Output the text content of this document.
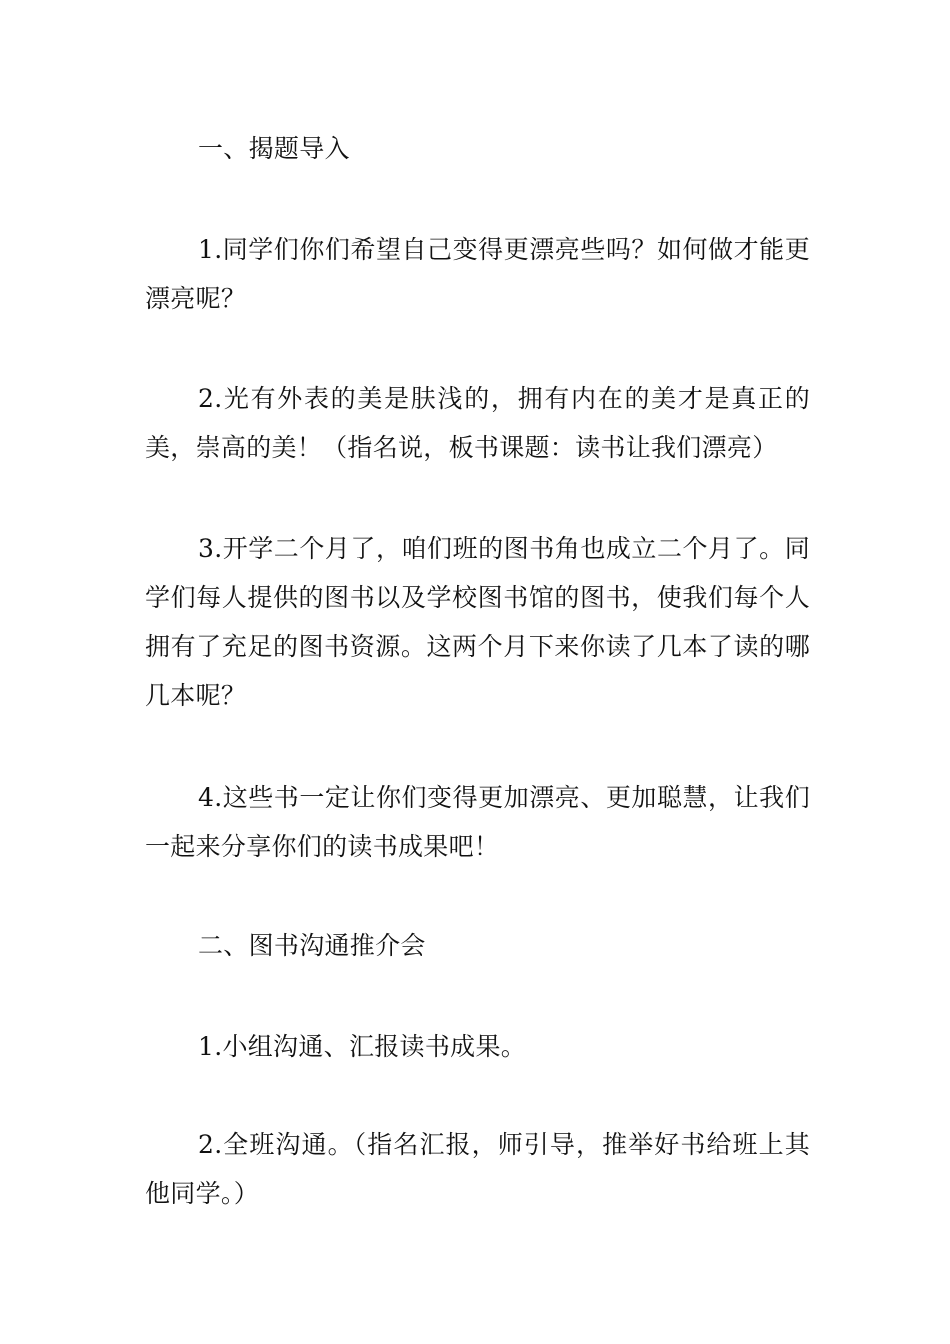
一、揭题导入

1.同学们你们希望自己变得更漂亮些吗？如何做才能更漂亮呢？

2.光有外表的美是肤浅的，拥有内在的美才是真正的美，崇高的美！（指名说，板书课题：读书让我们漂亮）

3.开学二个月了，咱们班的图书角也成立二个月了。同学们每人提供的图书以及学校图书馆的图书，使我们每个人拥有了充足的图书资源。这两个月下来你读了几本了读的哪几本呢？

4.这些书一定让你们变得更加漂亮、更加聪慧，让我们一起来分享你们的读书成果吧！

二、图书沟通推介会

1.小组沟通、汇报读书成果。

2.全班沟通。（指名汇报，师引导，推举好书给班上其他同学。）
